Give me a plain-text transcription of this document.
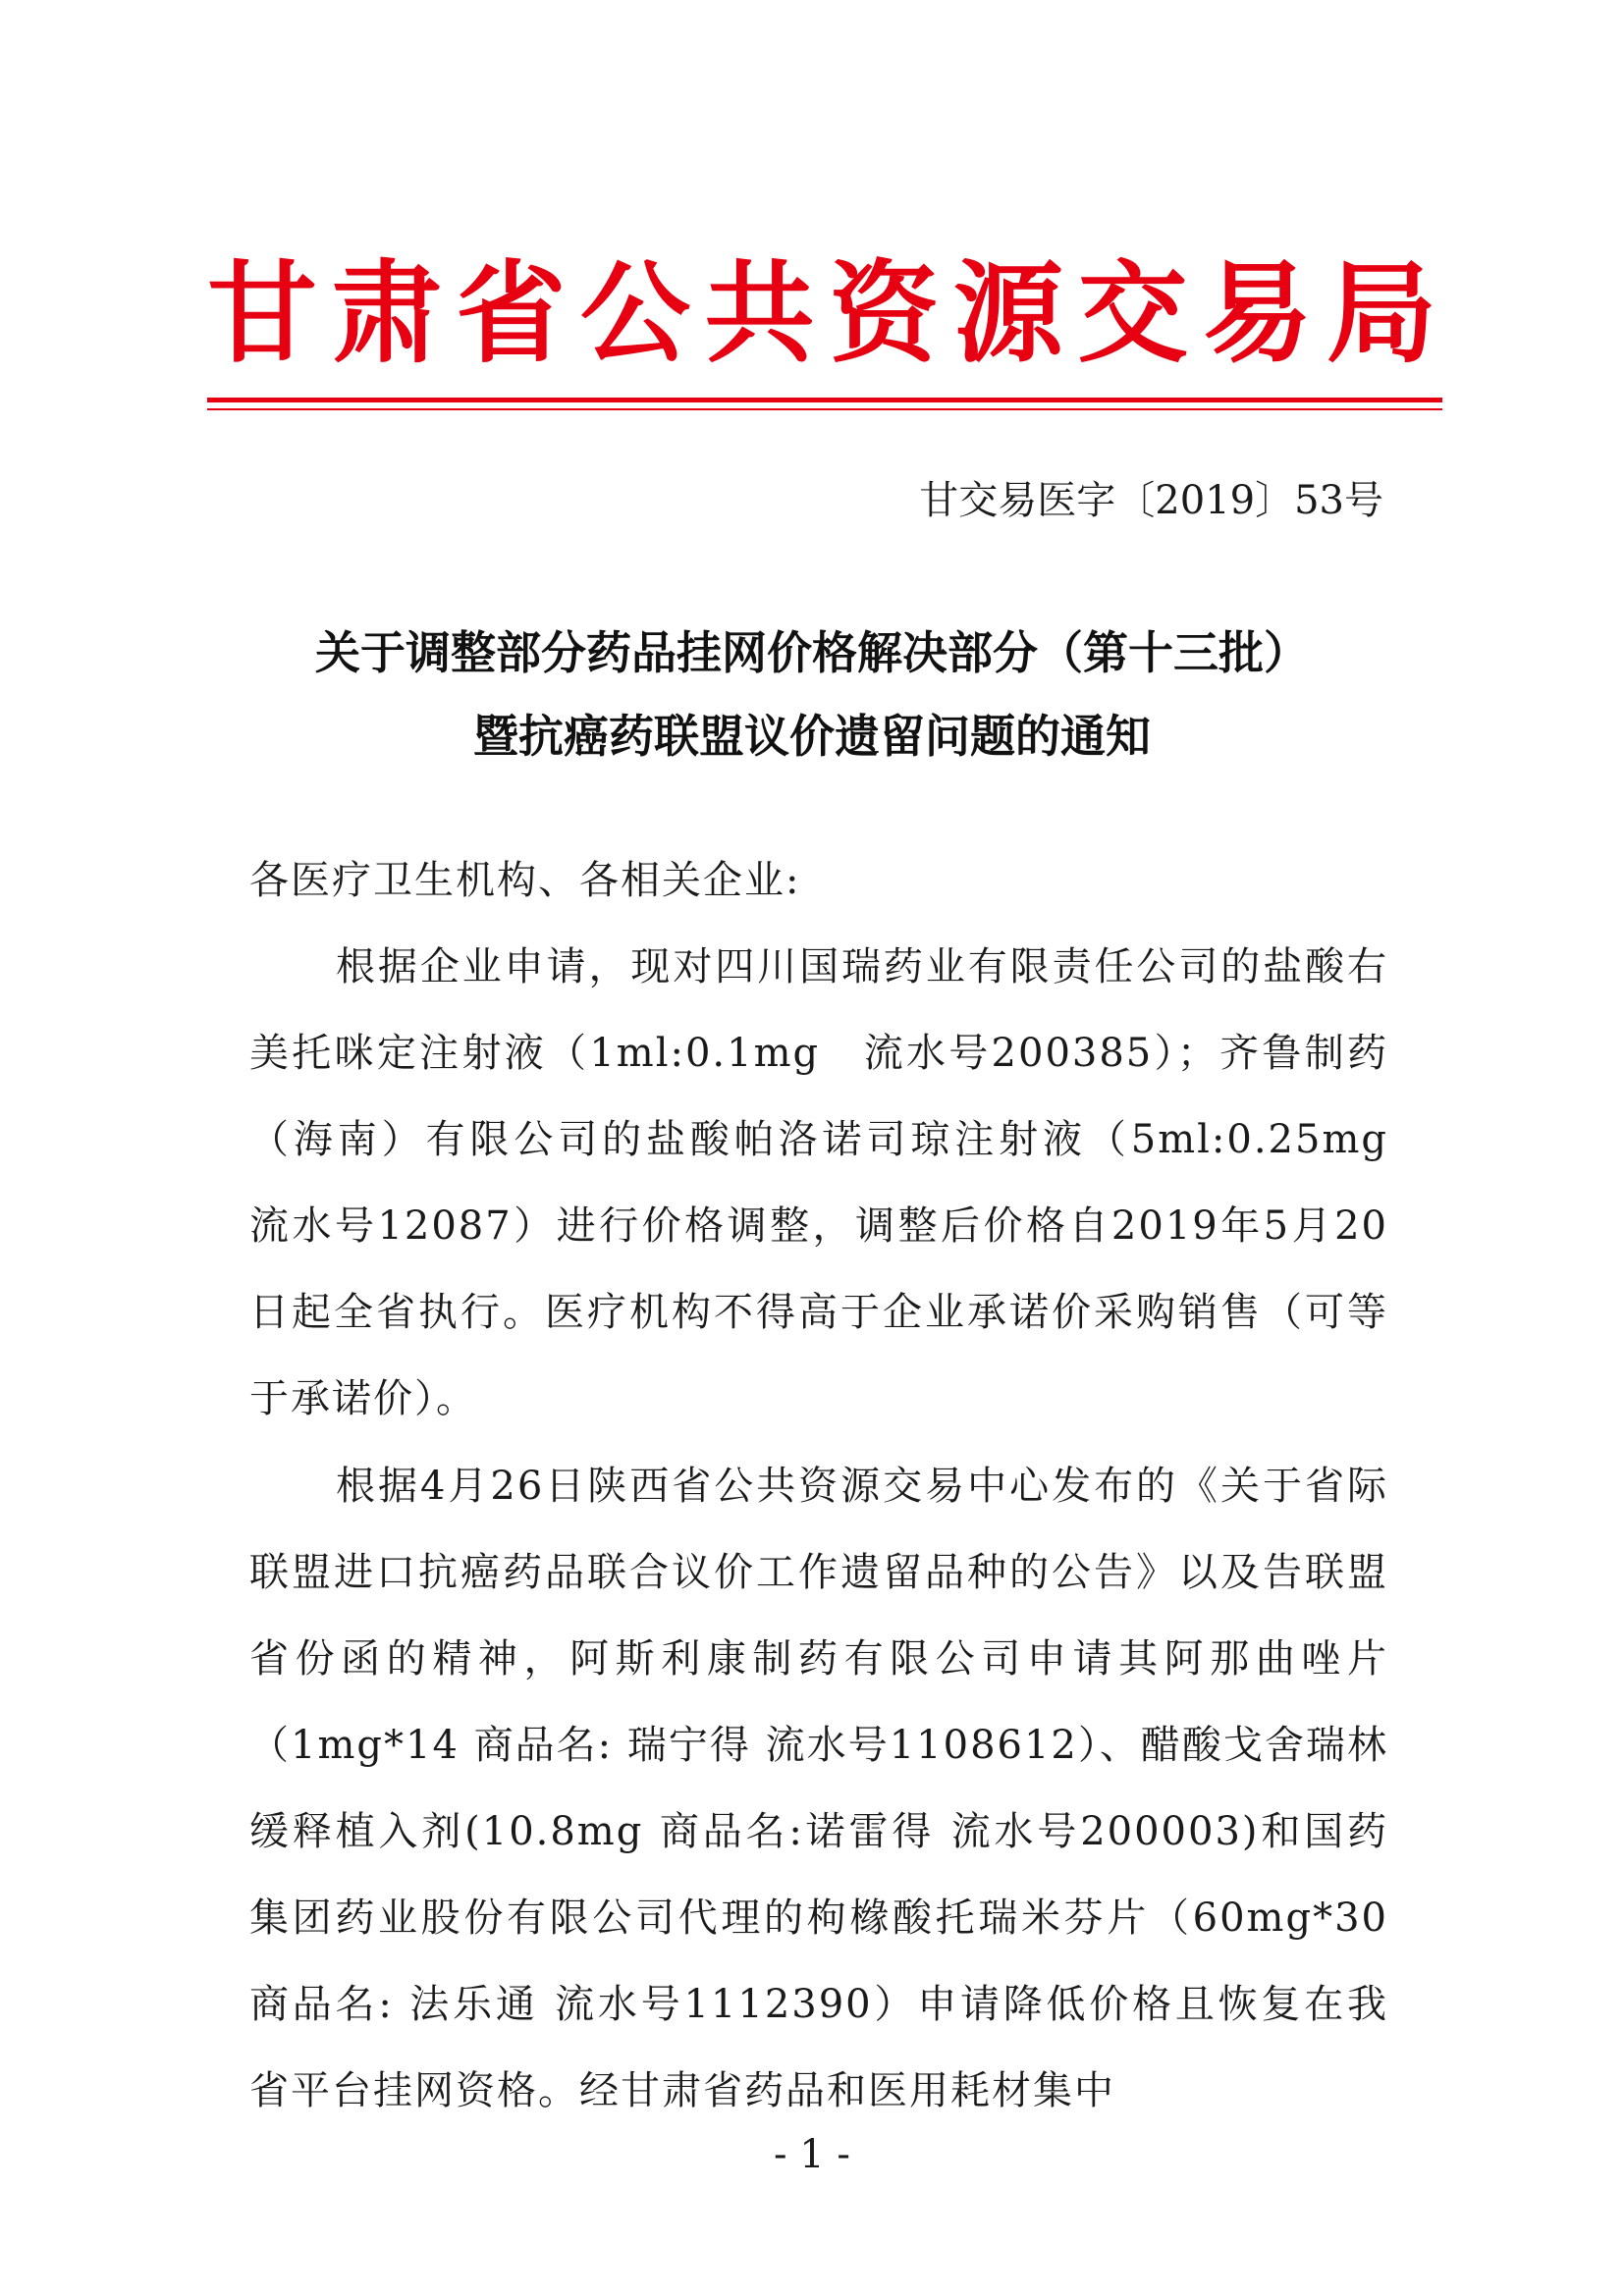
甘肃省公共资源交易局
甘交易医字〔2019〕53号
关于调整部分药品挂网价格解决部分（第十三批）
暨抗癌药联盟议价遗留问题的通知
各医疗卫生机构、各相关企业:
根据企业申请，现对四川国瑞药业有限责任公司的盐酸右美托咪定注射液（1ml:0.1mg　流水号200385）；齐鲁制药（海南）有限公司的盐酸帕洛诺司琼注射液（5ml:0.25mg　流水号12087）进行价格调整，调整后价格自2019年5月20日起全省执行。医疗机构不得高于企业承诺价采购销售（可等于承诺价）。
根据4月26日陕西省公共资源交易中心发布的《关于省际联盟进口抗癌药品联合议价工作遗留品种的公告》以及告联盟省份函的精神，阿斯利康制药有限公司申请其阿那曲唑片（1mg*14 商品名: 瑞宁得 流水号1108612）、醋酸戈舍瑞林缓释植入剂(10.8mg 商品名:诺雷得 流水号200003)和国药集团药业股份有限公司代理的枸橼酸托瑞米芬片（60mg*30 商品名: 法乐通 流水号1112390）申请降低价格且恢复在我省平台挂网资格。经甘肃省药品和医用耗材集中
- 1 -
